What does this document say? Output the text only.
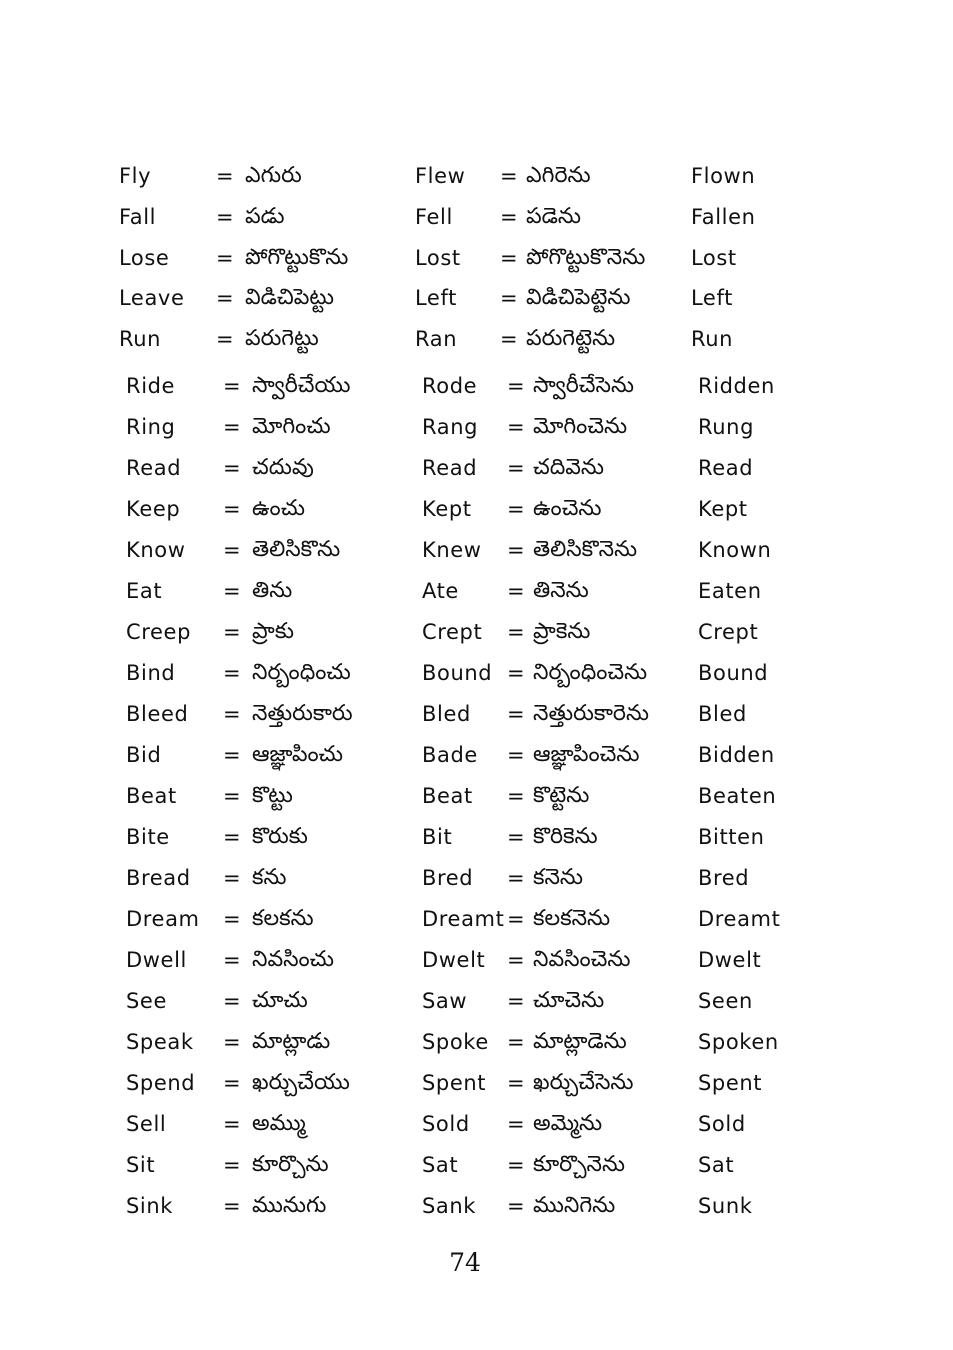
Fly	= ఎగురు	Flew = ఎగిరెను	Flown
Fall	= పడు	Fell = పడెను	Fallen
Lose = పోగొట్టుకొను	Lost = పోగొట్టుకొనెను Lost
Leave = విడిచిపెట్టు	Left = విడిచిపెట్టెను	Left
Run	= పరుగెట్టు	Ran = పరుగెట్టెను	Run
Ride = స్వారీచేయు	Rode = స్వారీచేసెను	Ridden
Ring = మోగించు	Rang = మోగించెను	Rung
Read = చదువు	Read = చదివెను	Read
Keep = ఉంచు	Kept = ఉంచెను	Kept
Know = తెలిసికొను	Knew = తెలిసికొనెను	Known
Eat	= తిను	Ate = తినెను	Eaten
Creep = ప్రాకు	Crept = ప్రాకెను	Crept
Bind = నిర్బంధించు	Bound = నిర్బంధించెను Bound
Bleed = నెత్తురుకారు	Bled = నెత్తురుకారెను Bled
Bid	= ఆజ్ఞాపించు	Bade = ఆజ్ఞాపించెను	Bidden
Beat = కొట్టు	Beat = కొట్టెను	Beaten
Bite	= కొరుకు	Bit	= కొరికెను	Bitten
Bread = కను	Bred = కనెను	Bred
Dream = కలకను	Dreamt = కలకనెను	Dreamt
Dwell = నివసించు	Dwelt = నివసించెను	Dwelt
See	= చూచు	Saw = చూచెను	Seen
Speak = మాట్లాడు	Spoke = మాట్లాడెను	Spoken
Spend = ఖర్చుచేయు	Spent = ఖర్చుచేసెను	Spent
Sell	= అమ్ము	Sold = అమ్మెను	Sold
Sit	= కూర్చొను	Sat = కూర్చొనెను	Sat
Sink = మునుగు	Sank = మునిగెను	Sunk
74
